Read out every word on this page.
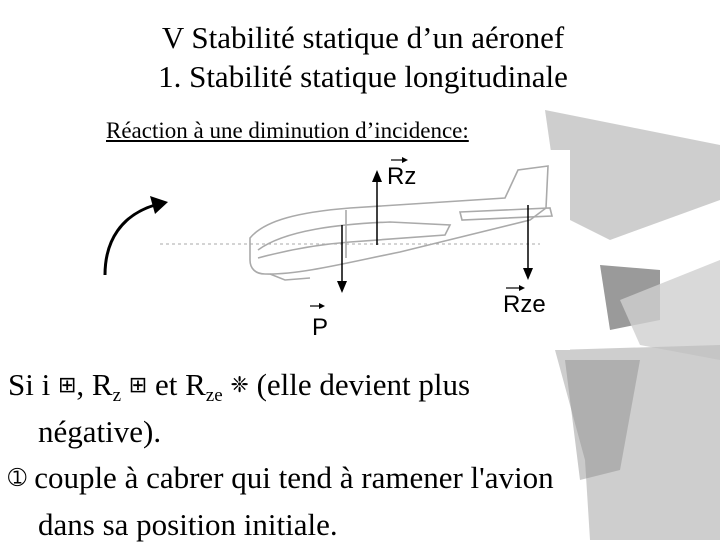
V Stabilité statique d’un aéronef
1. Stabilité statique longitudinale
Réaction à une diminution d’incidence:
Rz
Rze
P
Si i ⊞, $R_z$ ⊞ et $R_{ze}$ ❈ (elle devient plus
négative).
➀ couple à cabrer qui tend à ramener l'avion
dans sa position initiale.
